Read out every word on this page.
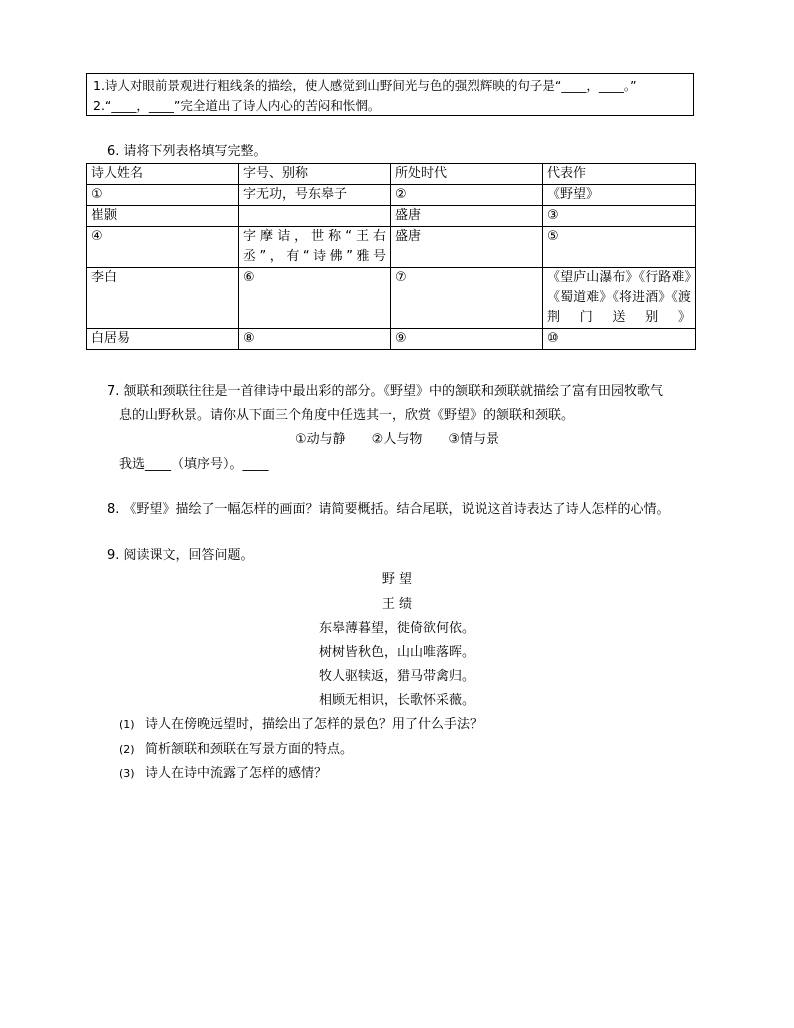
1.诗人对眼前景观进行粗线条的描绘，使人感觉到山野间光与色的强烈辉映的句子是“____，____。”
2.“____，____”完全道出了诗人内心的苦闷和怅惘。
6. 请将下列表格填写完整。
诗人姓名	字号、别称	所处时代	代表作
①	字无功，号东皋子	②	《野望》
崔颢		盛唐	③
④	字摩诘，世称“王右丞”，有“诗佛”雅号	盛唐	⑤
李白	⑥	⑦	《望庐山瀑布》《行路难》《蜀道难》《将进酒》《渡荆门送别》
白居易	⑧	⑨	⑩
7. 颔联和颈联往往是一首律诗中最出彩的部分。《野望》中的颔联和颈联就描绘了富有田园牧歌气
息的山野秋景。请你从下面三个角度中任选其一，欣赏《野望》的颔联和颈联。
①动与静　　②人与物　　③情与景
我选____（填序号）。____
8. 《野望》描绘了一幅怎样的画面？请简要概括。结合尾联，说说这首诗表达了诗人怎样的心情。
9. 阅读课文，回答问题。
野 望
王 绩
东皋薄暮望，徙倚欲何依。
树树皆秋色，山山唯落晖。
牧人驱犊返，猎马带禽归。
相顾无相识，长歌怀采薇。
(1) 诗人在傍晚远望时，描绘出了怎样的景色？用了什么手法？
(2) 简析颔联和颈联在写景方面的特点。
(3) 诗人在诗中流露了怎样的感情？
